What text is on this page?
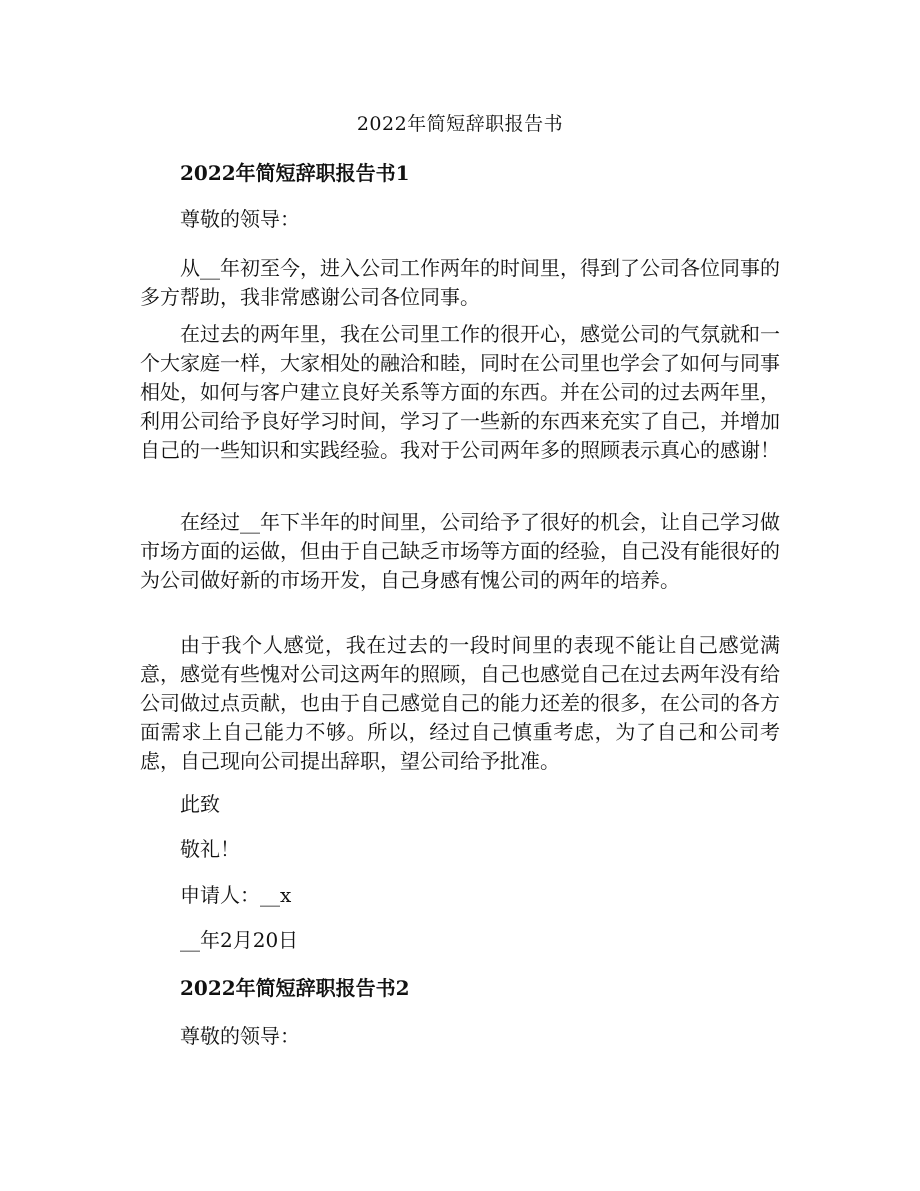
2022年简短辞职报告书
2022年简短辞职报告书1
尊敬的领导：
从__年初至今，进入公司工作两年的时间里，得到了公司各位同事的多方帮助，我非常感谢公司各位同事。
在过去的两年里，我在公司里工作的很开心，感觉公司的气氛就和一个大家庭一样，大家相处的融洽和睦，同时在公司里也学会了如何与同事相处，如何与客户建立良好关系等方面的东西。并在公司的过去两年里，利用公司给予良好学习时间，学习了一些新的东西来充实了自己，并增加自己的一些知识和实践经验。我对于公司两年多的照顾表示真心的感谢！
在经过__年下半年的时间里，公司给予了很好的机会，让自己学习做市场方面的运做，但由于自己缺乏市场等方面的经验，自己没有能很好的为公司做好新的市场开发，自己身感有愧公司的两年的培养。
由于我个人感觉，我在过去的一段时间里的表现不能让自己感觉满意，感觉有些愧对公司这两年的照顾，自己也感觉自己在过去两年没有给公司做过点贡献，也由于自己感觉自己的能力还差的很多，在公司的各方面需求上自己能力不够。所以，经过自己慎重考虑，为了自己和公司考虑，自己现向公司提出辞职，望公司给予批准。
此致
敬礼！
申请人：__x
__年2月20日
2022年简短辞职报告书2
尊敬的领导：
